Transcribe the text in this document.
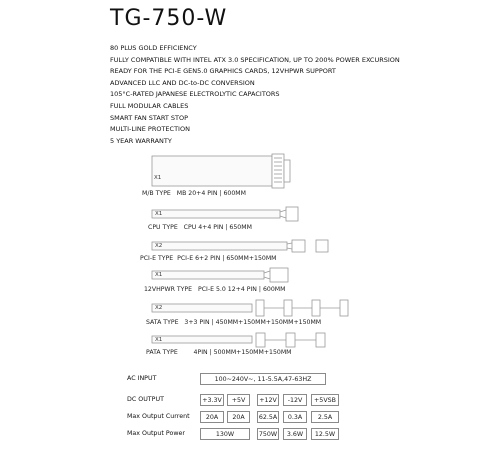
TG-750-W
80 PLUS GOLD EFFICIENCY
FULLY COMPATIBLE WITH INTEL ATX 3.0 SPECIFICATION, UP TO 200% POWER EXCURSION
READY FOR THE PCI-E GEN5.0 GRAPHICS CARDS, 12VHPWR SUPPORT
ADVANCED LLC AND DC-to-DC CONVERSION
105°C-RATED JAPANESE ELECTROLYTIC CAPACITORS
FULL MODULAR CABLES
SMART FAN START STOP
MULTI-LINE PROTECTION
5 YEAR WARRANTY
X1
M/B TYPE MB 20+4 PIN | 600MM
X1
CPU TYPE CPU 4+4 PIN | 650MM
X2
PCI-E TYPE PCI-E 6+2 PIN | 650MM+150MM
X1
12VHPWR TYPE PCI-E 5.0 12+4 PIN | 600MM
X2
SATA TYPE 3+3 PIN | 450MM+150MM+150MM+150MM
X1
PATA TYPE	4PIN | 500MM+150MM+150MM
AC INPUT	100~240V~, 11-5.5A,47-63HZ
DC OUTPUT	+3.3V	+5V	+12V	-12V	+5VSB
Max Output Current	20A	20A	62.5A	0.3A	2.5A
Max Output Power	130W	750W	3.6W	12.5W
